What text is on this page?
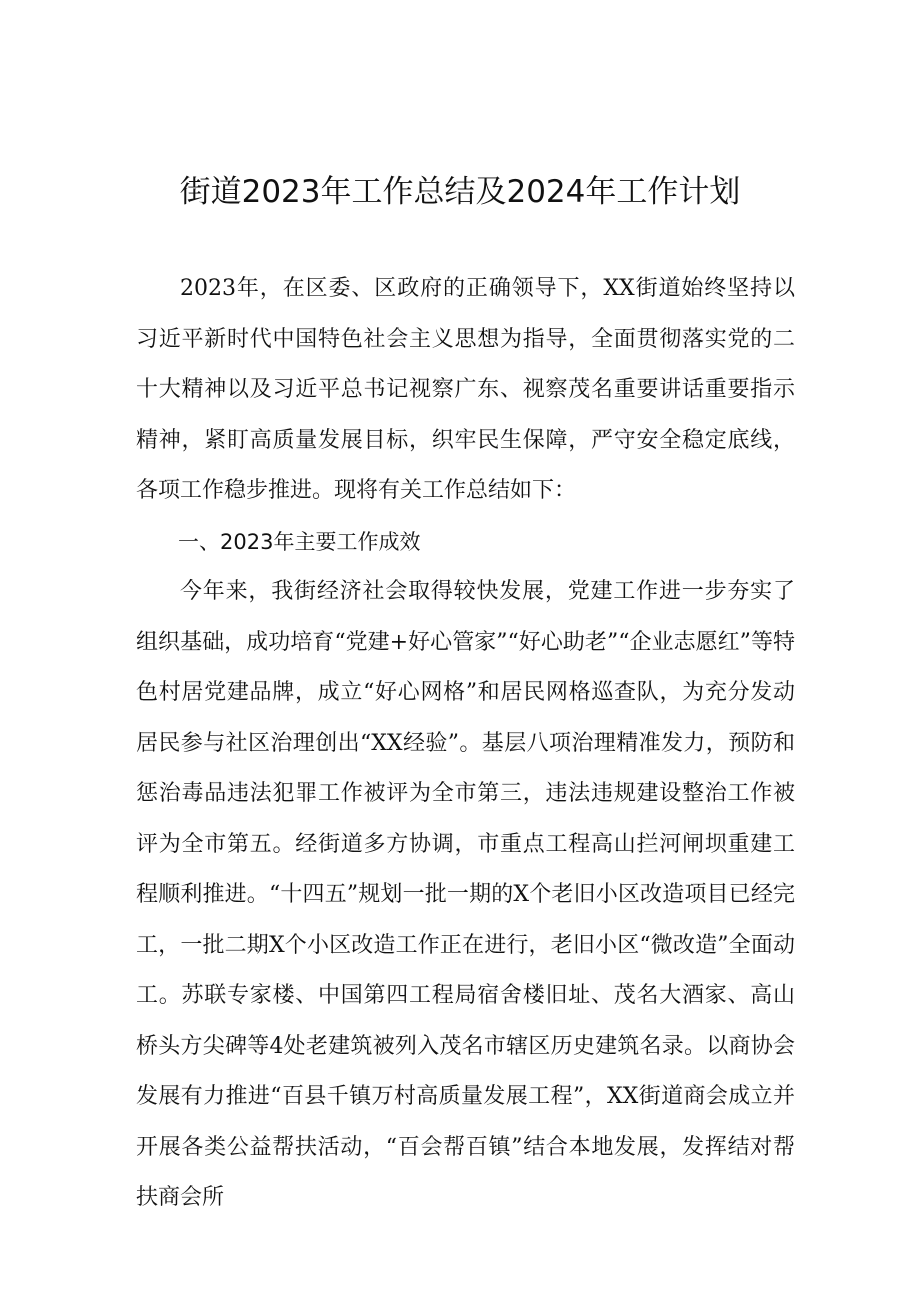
街道2023年工作总结及2024年工作计划

2023年，在区委、区政府的正确领导下，XX街道始终坚持以习近平新时代中国特色社会主义思想为指导，全面贯彻落实党的二十大精神以及习近平总书记视察广东、视察茂名重要讲话重要指示精神，紧盯高质量发展目标，织牢民生保障，严守安全稳定底线，各项工作稳步推进。现将有关工作总结如下：

一、2023年主要工作成效

今年来，我街经济社会取得较快发展，党建工作进一步夯实了组织基础，成功培育“党建+好心管家”“好心助老”“企业志愿红”等特色村居党建品牌，成立“好心网格”和居民网格巡查队，为充分发动居民参与社区治理创出“XX经验”。基层八项治理精准发力，预防和惩治毒品违法犯罪工作被评为全市第三，违法违规建设整治工作被评为全市第五。经街道多方协调，市重点工程高山拦河闸坝重建工程顺利推进。“十四五”规划一批一期的X个老旧小区改造项目已经完工，一批二期X个小区改造工作正在进行，老旧小区“微改造”全面动工。苏联专家楼、中国第四工程局宿舍楼旧址、茂名大酒家、高山桥头方尖碑等4处老建筑被列入茂名市辖区历史建筑名录。以商协会发展有力推进“百县千镇万村高质量发展工程”，XX街道商会成立并开展各类公益帮扶活动，“百会帮百镇”结合本地发展，发挥结对帮扶商会所
